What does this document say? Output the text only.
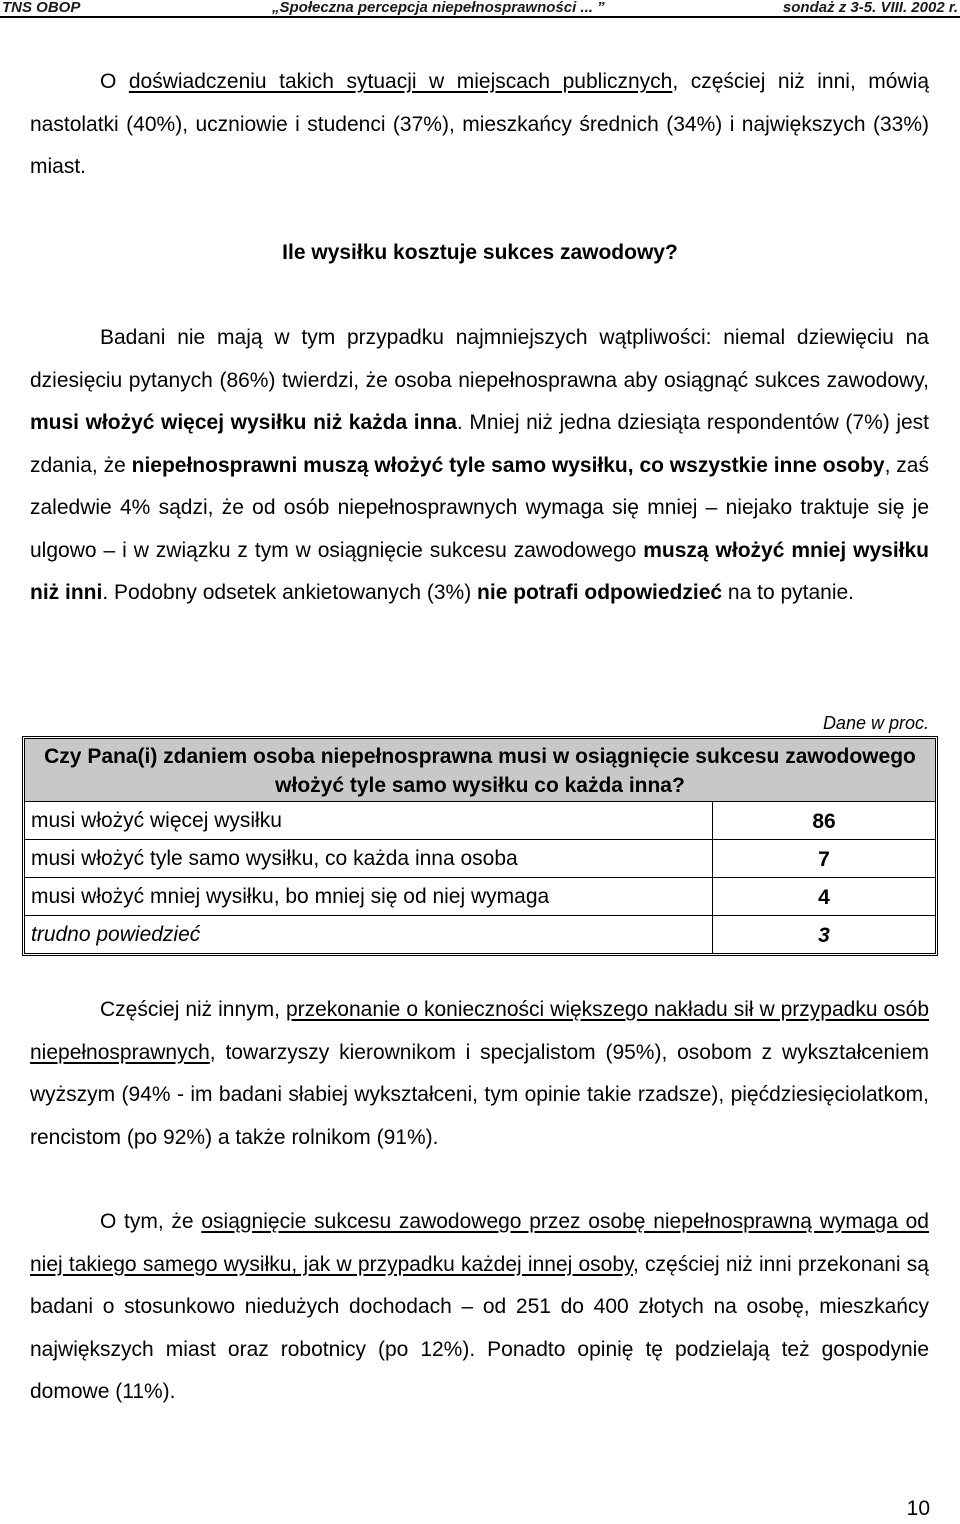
TNS OBOP	„Społeczna percepcja niepełnosprawności ... ”	sondaż z 3-5. VIII. 2002 r.
O doświadczeniu takich sytuacji w miejscach publicznych, częściej niż inni, mówią nastolatki (40%), uczniowie i studenci (37%), mieszkańcy średnich (34%) i największych (33%) miast.
Ile wysiłku kosztuje sukces zawodowy?
Badani nie mają w tym przypadku najmniejszych wątpliwości: niemal dziewięciu na dziesięciu pytanych (86%) twierdzi, że osoba niepełnosprawna aby osiągnąć sukces zawodowy, musi włożyć więcej wysiłku niż każda inna. Mniej niż jedna dziesiąta respondentów (7%) jest zdania, że niepełnosprawni muszą włożyć tyle samo wysiłku, co wszystkie inne osoby, zaś zaledwie 4% sądzi, że od osób niepełnosprawnych wymaga się mniej – niejako traktuje się je ulgowo – i w związku z tym w osiągnięcie sukcesu zawodowego muszą włożyć mniej wysiłku niż inni. Podobny odsetek ankietowanych (3%) nie potrafi odpowiedzieć na to pytanie.
Dane w proc.
Czy Pana(i) zdaniem osoba niepełnosprawna musi w osiągnięcie sukcesu zawodowego włożyć tyle samo wysiłku co każda inna?
musi włożyć więcej wysiłku	86
musi włożyć tyle samo wysiłku, co każda inna osoba	7
musi włożyć mniej wysiłku, bo mniej się od niej wymaga	4
trudno powiedzieć	3
Częściej niż innym, przekonanie o konieczności większego nakładu sił w przypadku osób niepełnosprawnych, towarzyszy kierownikom i specjalistom (95%), osobom z wykształceniem wyższym (94% - im badani słabiej wykształceni, tym opinie takie rzadsze), pięćdziesięciolatkom, rencistom (po 92%) a także rolnikom (91%).
O tym, że osiągnięcie sukcesu zawodowego przez osobę niepełnosprawną wymaga od niej takiego samego wysiłku, jak w przypadku każdej innej osoby, częściej niż inni przekonani są badani o stosunkowo niedużych dochodach – od 251 do 400 złotych na osobę, mieszkańcy największych miast oraz robotnicy (po 12%). Ponadto opinię tę podzielają też gospodynie domowe (11%).
10
